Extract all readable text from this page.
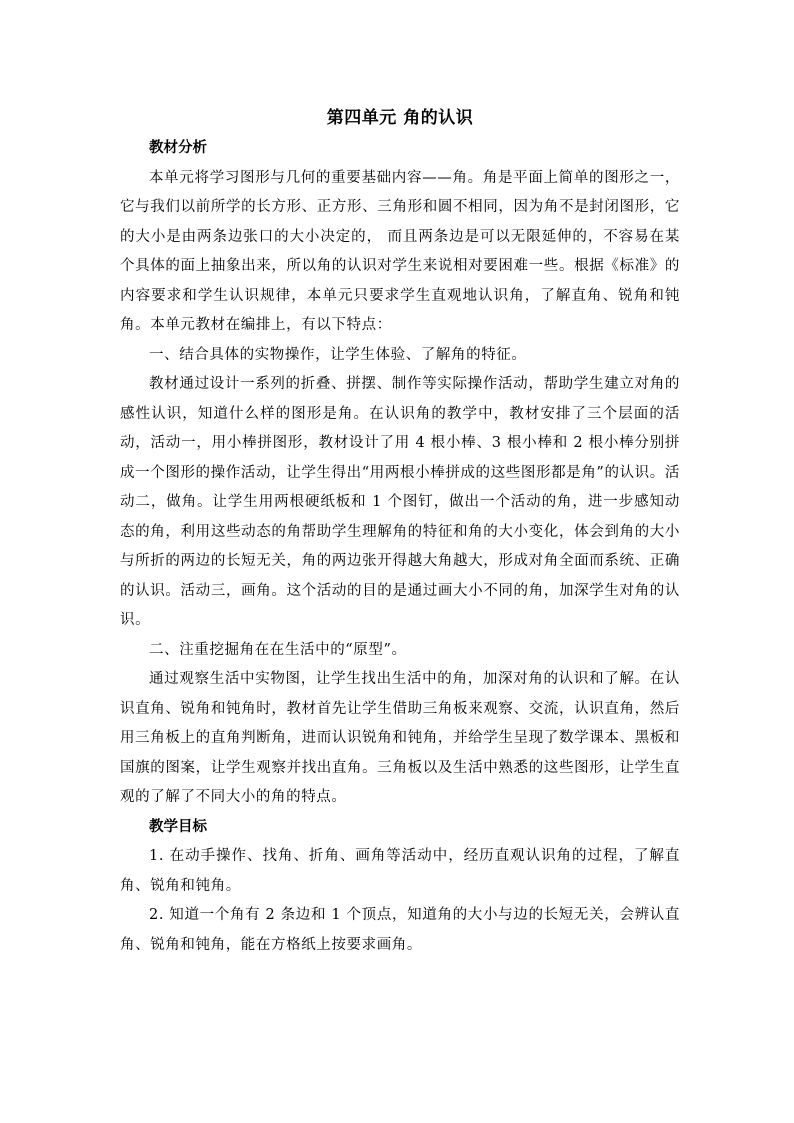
第四单元 角的认识

教材分析

本单元将学习图形与几何的重要基础内容——角。角是平面上简单的图形之一，它与我们以前所学的长方形、正方形、三角形和圆不相同，因为角不是封闭图形，它的大小是由两条边张口的大小决定的， 而且两条边是可以无限延伸的，不容易在某个具体的面上抽象出来，所以角的认识对学生来说相对要困难一些。根据《标准》的内容要求和学生认识规律，本单元只要求学生直观地认识角，了解直角、锐角和钝角。本单元教材在编排上，有以下特点：

一、结合具体的实物操作，让学生体验、了解角的特征。

教材通过设计一系列的折叠、拼摆、制作等实际操作活动，帮助学生建立对角的感性认识，知道什么样的图形是角。在认识角的教学中，教材安排了三个层面的活动，活动一，用小棒拼图形，教材设计了用 4 根小棒、3 根小棒和 2 根小棒分别拼成一个图形的操作活动，让学生得出“用两根小棒拼成的这些图形都是角”的认识。活动二，做角。让学生用两根硬纸板和 1 个图钉，做出一个活动的角，进一步感知动态的角，利用这些动态的角帮助学生理解角的特征和角的大小变化，体会到角的大小与所折的两边的长短无关，角的两边张开得越大角越大，形成对角全面而系统、正确的认识。活动三，画角。这个活动的目的是通过画大小不同的角，加深学生对角的认识。

二、注重挖掘角在在生活中的“原型”。

通过观察生活中实物图，让学生找出生活中的角，加深对角的认识和了解。在认识直角、锐角和钝角时，教材首先让学生借助三角板来观察、交流，认识直角，然后用三角板上的直角判断角，进而认识锐角和钝角，并给学生呈现了数学课本、黑板和国旗的图案，让学生观察并找出直角。三角板以及生活中熟悉的这些图形，让学生直观的了解了不同大小的角的特点。

教学目标

1. 在动手操作、找角、折角、画角等活动中，经历直观认识角的过程，了解直角、锐角和钝角。

2. 知道一个角有 2 条边和 1 个顶点，知道角的大小与边的长短无关，会辨认直角、锐角和钝角，能在方格纸上按要求画角。
